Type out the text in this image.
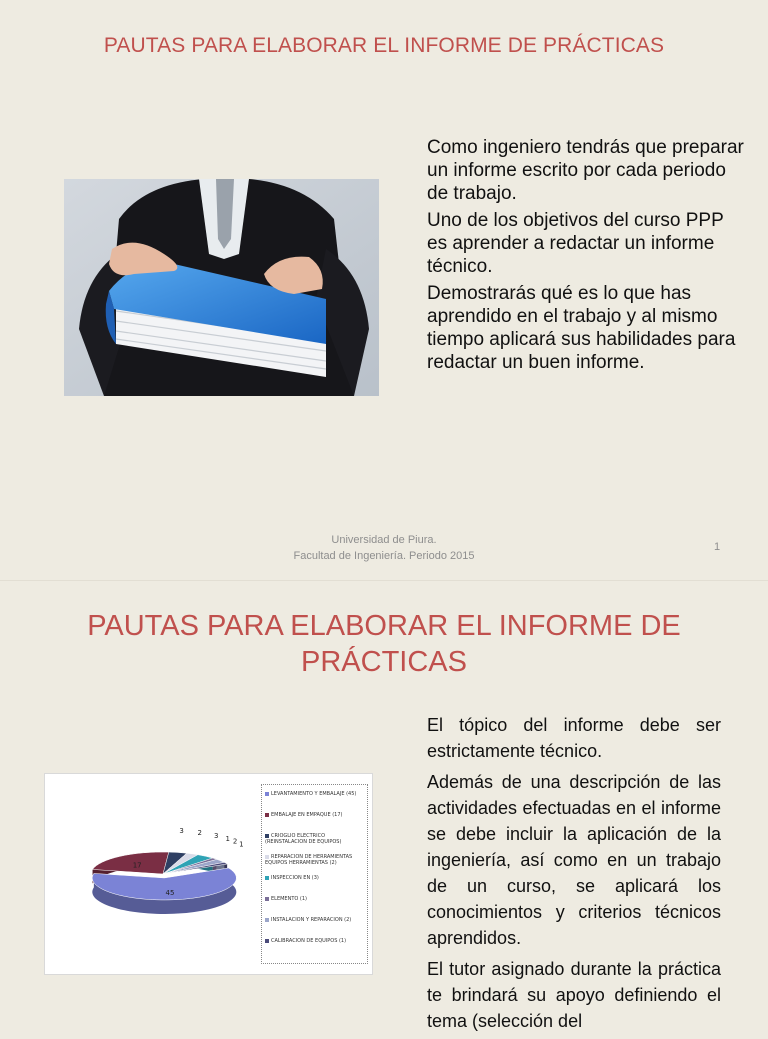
PAUTAS PARA ELABORAR EL INFORME DE PRÁCTICAS

Como ingeniero tendrás que preparar un informe escrito por cada periodo de trabajo.

Uno de los objetivos del curso PPP es aprender a redactar un informe técnico.

Demostrarás qué es lo que has aprendido en el trabajo y al mismo tiempo aplicará sus habilidades para redactar un buen informe.

Universidad de Piura.
Facultad de Ingeniería. Periodo 2015
1
PAUTAS PARA ELABORAR EL INFORME DE PRÁCTICAS
45
17
3 2 3 1 2 1
LEVANTAMIENTO Y EMBALAJE (45)
EMBALAJE EN EMPAQUE (17)
CRIOGLIO ELECTRICO (REINSTALACION DE EQUIPOS)
REPARACION DE HERRAMIENTAS EQUIPOS HERRAMIENTAS (2)
INSPECCION EN (3)
ELEMENTO (1)
INSTALACION Y REPARACION (2)
CALIBRACION DE EQUIPOS (1)

El tópico del informe debe ser estrictamente técnico.

Además de una descripción de las actividades efectuadas en el informe se debe incluir la aplicación de la ingeniería, así como en un trabajo de un curso, se aplicará los conocimientos y criterios técnicos aprendidos.

El tutor asignado durante la práctica te brindará su apoyo definiendo el tema (selección del
